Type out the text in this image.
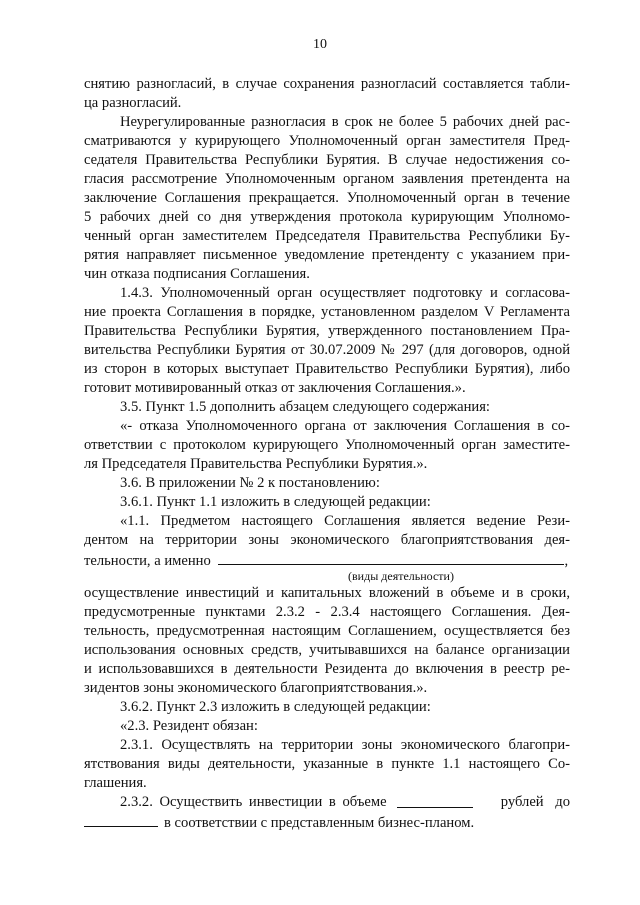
10
снятию разногласий, в случае сохранения разногласий составляется табли-
ца разногласий.
Неурегулированные разногласия в срок не более 5 рабочих дней рас-
сматриваются у курирующего Уполномоченный орган заместителя Пред-
седателя Правительства Республики Бурятия. В случае недостижения со-
гласия рассмотрение Уполномоченным органом заявления претендента на
заключение Соглашения прекращается. Уполномоченный орган в течение
5 рабочих дней со дня утверждения протокола курирующим Уполномо-
ченный орган заместителем Председателя Правительства Республики Бу-
рятия направляет письменное уведомление претенденту с указанием при-
чин отказа подписания Соглашения.
1.4.3. Уполномоченный орган осуществляет подготовку и согласова-
ние проекта Соглашения в порядке, установленном разделом V Регламента
Правительства Республики Бурятия, утвержденного постановлением Пра-
вительства Республики Бурятия от 30.07.2009 № 297 (для договоров, одной
из сторон в которых выступает Правительство Республики Бурятия), либо
готовит мотивированный отказ от заключения Соглашения.».
3.5. Пункт 1.5 дополнить абзацем следующего содержания:
«- отказа Уполномоченного органа от заключения Соглашения в со-
ответствии с протоколом курирующего Уполномоченный орган заместите-
ля Председателя Правительства Республики Бурятия.».
3.6. В приложении № 2 к постановлению:
3.6.1. Пункт 1.1 изложить в следующей редакции:
«1.1. Предметом настоящего Соглашения является ведение Рези-
дентом на территории зоны экономического благоприятствования дея-
тельности, а именно	,
(виды деятельности)
осуществление инвестиций и капитальных вложений в объеме и в сроки,
предусмотренные пунктами 2.3.2 - 2.3.4 настоящего Соглашения. Дея-
тельность, предусмотренная настоящим Соглашением, осуществляется без
использования основных средств, учитывавшихся на балансе организации
и использовавшихся в деятельности Резидента до включения в реестр ре-
зидентов зоны экономического благоприятствования.».
3.6.2. Пункт 2.3 изложить в следующей редакции:
«2.3. Резидент обязан:
2.3.1. Осуществлять на территории зоны экономического благопри-
ятствования виды деятельности, указанные в пункте 1.1 настоящего Со-
глашения.
2.3.2. Осуществить инвестиции в объеме	рублей до
в соответствии с представленным бизнес-планом.
